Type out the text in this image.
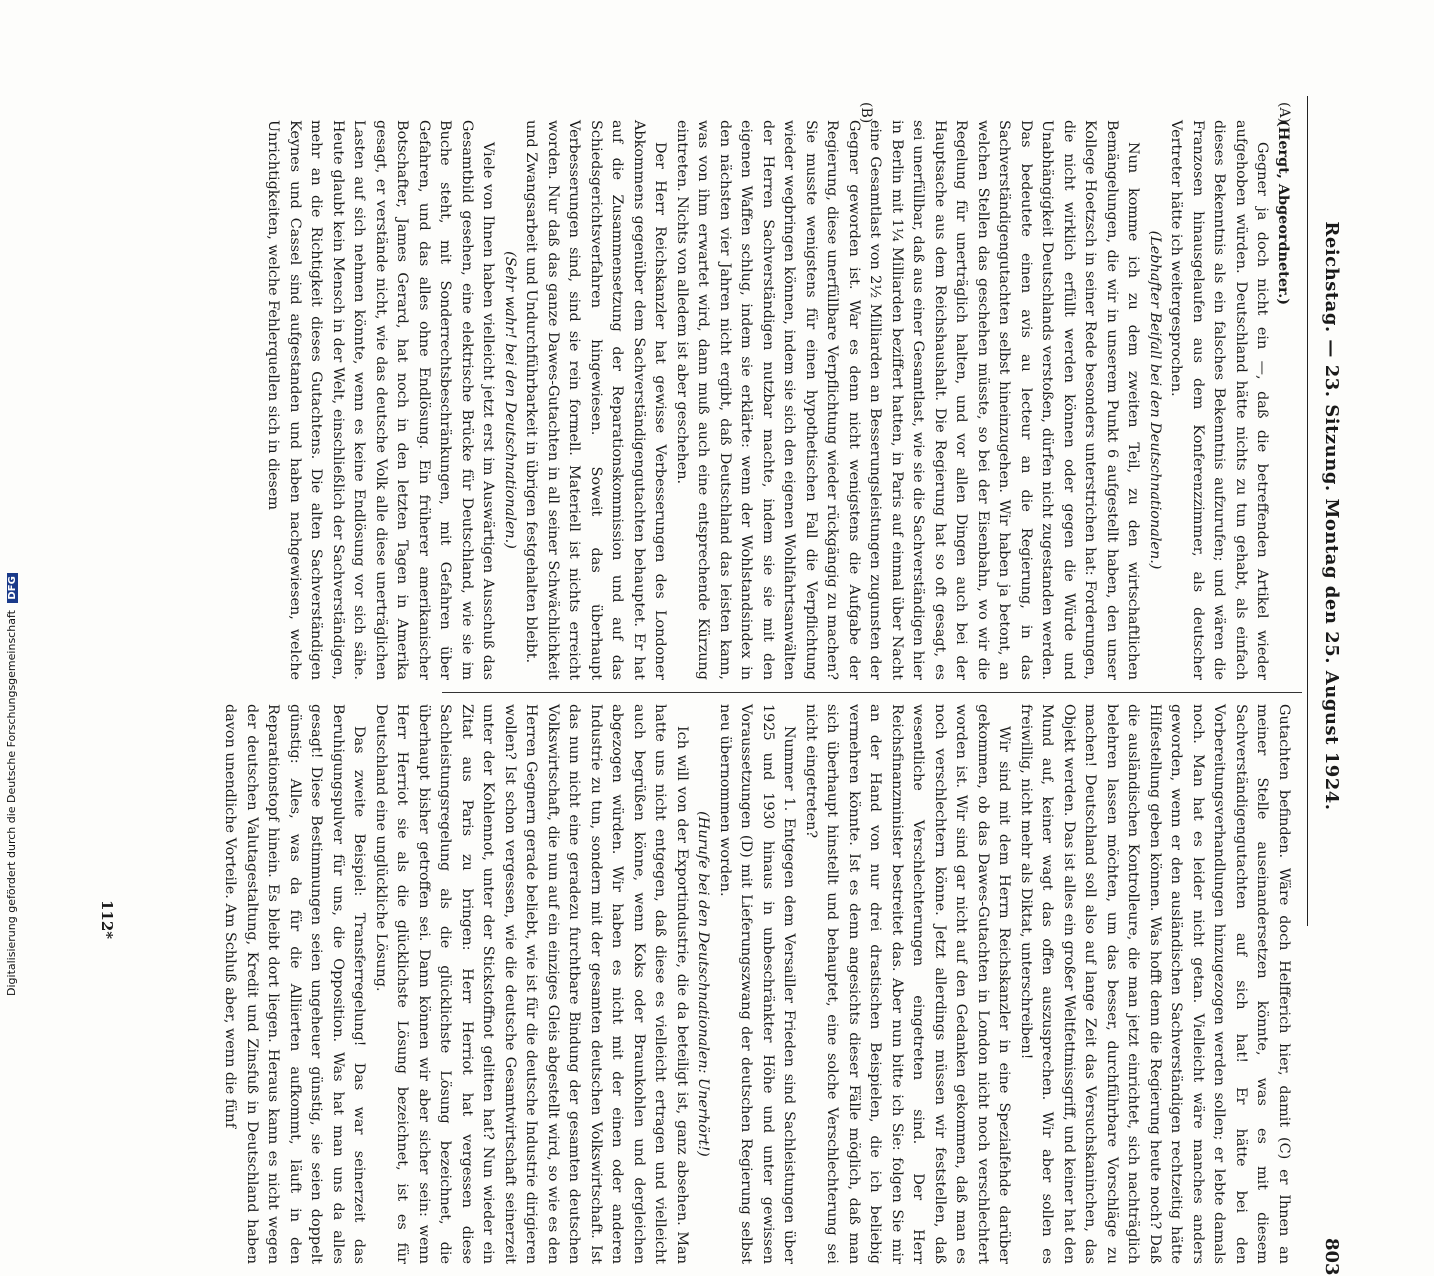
Reichstag. — 23. Sitzung. Montag den 25. August 1924.
803
(A)
(B)

(Hergt, Abgeordneter.)

Gegner ja doch nicht ein —, daß die betreffenden Artikel wieder aufgehoben würden. Deutschland hätte nichts zu tun gehabt, als einfach dieses Bekenntnis als ein falsches Bekenntnis aufzurufen; und wären die Franzosen hinausgelaufen aus dem Konferenzzimmer, als deutscher Vertreter hätte ich weitergesprochen.

(Lebhafter Beifall bei den Deutschnationalen.)

Nun komme ich zu dem zweiten Teil, zu den wirtschaftlichen Bemängelungen, die wir in unserem Punkt 6 aufgestellt haben, den unser Kollege Hoetzsch in seiner Rede besonders unterstrichen hat: Forderungen, die nicht wirklich erfüllt werden können oder gegen die Würde und Unabhängigkeit Deutschlands verstoßen, dürfen nicht zugestanden werden. Das bedeutete einen avis au lecteur an die Regierung, in das Sachverständigengutachten selbst hineinzugehen. Wir haben ja betont, an welchen Stellen das geschehen müsste, so bei der Eisenbahn, wo wir die Regelung für unerträglich halten, und vor allen Dingen auch bei der Hauptsache aus dem Reichshaushalt. Die Regierung hat so oft gesagt, es sei unerfüllbar, daß aus einer Gesamtlast, wie sie die Sachverständigen hier in Berlin mit 1¼ Milliarden beziffert hatten, in Paris auf einmal über Nacht eine Gesamtlast von 2½ Milliarden an Besserungsleistungen zugunsten der Gegner geworden ist. War es denn nicht wenigstens die Aufgabe der Regierung, diese unerfüllbare Verpflichtung wieder rückgängig zu machen? Sie musste wenigstens für einen hypothetischen Fall die Verpflichtung wieder wegbringen können, indem sie sich den eigenen Wohlfahrtsanwälten der Herren Sachverständigen nutzbar machte, indem sie sie mit den eigenen Waffen schlug, indem sie erklärte: wenn der Wohlstandsindex in den nächsten vier Jahren nicht ergibt, daß Deutschland das leisten kann, was von ihm erwartet wird, dann muß auch eine entsprechende Kürzung eintreten. Nichts von alledem ist aber geschehen.

Der Herr Reichskanzler hat gewisse Verbesserungen des Londoner Abkommens gegenüber dem Sachverständigengutachten behauptet. Er hat auf die Zusammensetzung der Reparationskommission und auf das Schiedsgerichtsverfahren hingewiesen. Soweit das überhaupt Verbesserungen sind, sind sie rein formell. Materiell ist nichts erreicht worden. Nur daß das ganze Dawes-Gutachten in all seiner Schwächlichkeit und Zwangsarbeit und Undurchführbarkeit in übrigen festgehalten bleibt.

(Sehr wahr! bei den Deutschnationalen.)

Viele von Ihnen haben vielleicht jetzt erst im Auswärtigen Ausschuß das Gesamtbild gesehen, eine elektrische Brücke für Deutschland, wie sie im Buche steht, mit Sonderrechtsbeschränkungen, mit Gefahren über Gefahren, und das alles ohne Endlösung. Ein früherer amerikanischer Botschafter, James Gerard, hat noch in den letzten Tagen in Amerika gesagt, er verstände nicht, wie das deutsche Volk alle diese unerträglichen Lasten auf sich nehmen könnte, wenn es keine Endlösung vor sich sähe. Heute glaubt kein Mensch in der Welt, einschließlich der Sachverständigen, mehr an die Richtigkeit dieses Gutachtens. Die alten Sachverständigen Keynes und Cassel sind aufgestanden und haben nachgewiesen, welche Unrichtigkeiten, welche Fehlerquellen sich in diesem

Gutachten befinden. Wäre doch Helfferich hier, damit (C) er Ihnen an meiner Stelle auseinandersetzen könnte, was es mit diesem Sachverständigengutachten auf sich hat! Er hätte bei den Vorbereitungsverhandlungen hinzugezogen werden sollen; er lebte damals noch. Man hat es leider nicht getan. Vielleicht wäre manches anders geworden, wenn er den ausländischen Sachverständigen rechtzeitig hätte Hilfestellung geben können. Was hofft denn die Regierung heute noch? Daß die ausländischen Kontrolleure, die man jetzt einrichtet, sich nachträglich belehren lassen möchten, um das besser, durchführbare Vorschläge zu machen! Deutschland soll also auf lange Zeit das Versuchskaninchen, das Objekt werden. Das ist alles ein großer Weltfettmissgriff, und keiner hat den Mund auf, keiner wagt das offen auszusprechen. Wir aber sollen es freiwillig, nicht mehr als Diktat, unterschreiben!

Wir sind mit dem Herrn Reichskanzler in eine Spezialfehde darüber gekommen, ob das Dawes-Gutachten in London nicht noch verschlechtert worden ist. Wir sind gar nicht auf den Gedanken gekommen, daß man es noch verschlechtern könne. Jetzt allerdings müssen wir feststellen, daß wesentliche Verschlechterungen eingetreten sind. Der Herr Reichsfinanzminister bestreitet das. Aber nun bitte ich Sie: folgen Sie mir an der Hand von nur drei drastischen Beispielen, die ich beliebig vermehren könnte. Ist es denn angesichts dieser Fälle möglich, daß man sich überhaupt hinstellt und behauptet, eine solche Verschlechterung sei nicht eingetreten?

Nummer 1. Entgegen dem Versailler Frieden sind Sachleistungen über 1925 und 1930 hinaus in unbeschränkter Höhe und unter gewissen Voraussetzungen (D) mit Lieferungszwang der deutschen Regierung selbst neu übernommen worden.

(Hurufe bei den Deutschnationalen: Unerhört!)

Ich will von der Exportindustrie, die da beteiligt ist, ganz absehen. Man hatte uns nicht entgegen, daß diese es vielleicht ertragen und vielleicht auch begrüßen könne, wenn Koks oder Braunkohlen und dergleichen abgezogen würden. Wir haben es nicht mit der einen oder anderen Industrie zu tun, sondern mit der gesamten deutschen Volkswirtschaft. Ist das nun nicht eine geradezu furchtbare Bindung der gesamten deutschen Volkswirtschaft, die nun auf ein einziges Gleis abgestellt wird, so wie es den Herren Gegnern gerade beliebt, wie ist für die deutsche Industrie dirigieren wollen? Ist schon vergessen, wie die deutsche Gesamtwirtschaft seinerzeit unter der Kohlennot, unter der Stickstoffnot gelitten hat? Nun wieder ein Zitat aus Paris zu bringen: Herr Herriot hat vergessen diese Sachleistungsregelung als die glücklichste Lösung bezeichnet, die überhaupt bisher getroffen sei. Dann können wir aber sicher sein: wenn Herr Herriot sie als die glücklichste Lösung bezeichnet, ist es für Deutschland eine unglückliche Lösung.

Das zweite Beispiel: Transferregelung! Das war seinerzeit das Beruhigungspulver für uns, die Opposition. Was hat man uns da alles gesagt! Diese Bestimmungen seien ungeheuer günstig, sie seien doppelt günstig: Alles, was da für die Alliierten aufkommt, läuft in den Reparationstopf hinein. Es bleibt dort liegen. Heraus kann es nicht wegen der deutschen Valutagestaltung, Kredit und Zinsfuß in Deutschland haben davon unendliche Vorteile. Am Schluß aber, wenn die fünf

112*
Digitalisierung gefördert durch die Deutsche Forschungsgemeinschaft DFG
